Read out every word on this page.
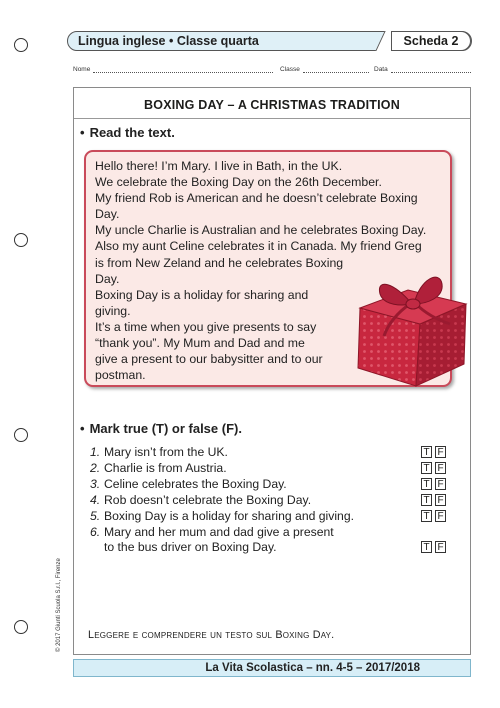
Lingua inglese • Classe quarta	Scheda 2
Nome	Classe	Data
BOXING DAY – A CHRISTMAS TRADITION
• Read the text.
Hello there! I’m Mary. I live in Bath, in the UK.
We celebrate the Boxing Day on the 26th December.
My friend Rob is American and he doesn’t celebrate Boxing
Day.
My uncle Charlie is Australian and he celebrates Boxing Day.
Also my aunt Celine celebrates it in Canada. My friend Greg
is from New Zeland and he celebrates Boxing
Day.
Boxing Day is a holiday for sharing and
giving.
It’s a time when you give presents to say
“thank you”. My Mum and Dad and me
give a present to our babysitter and to our
postman.
• Mark true (T) or false (F).
1. Mary isn’t from the UK.	T F
2. Charlie is from Austria.	T F
3. Celine celebrates the Boxing Day.	T F
4. Rob doesn’t celebrate the Boxing Day.	T F
5. Boxing Day is a holiday for sharing and giving.	T F
6. Mary and her mum and dad give a present
to the bus driver on Boxing Day.	T F
Leggere e comprendere un testo sul Boxing Day.
© 2017 Giunti Scuola S.r.l., Firenze
La Vita Scolastica – nn. 4-5 – 2017/2018
